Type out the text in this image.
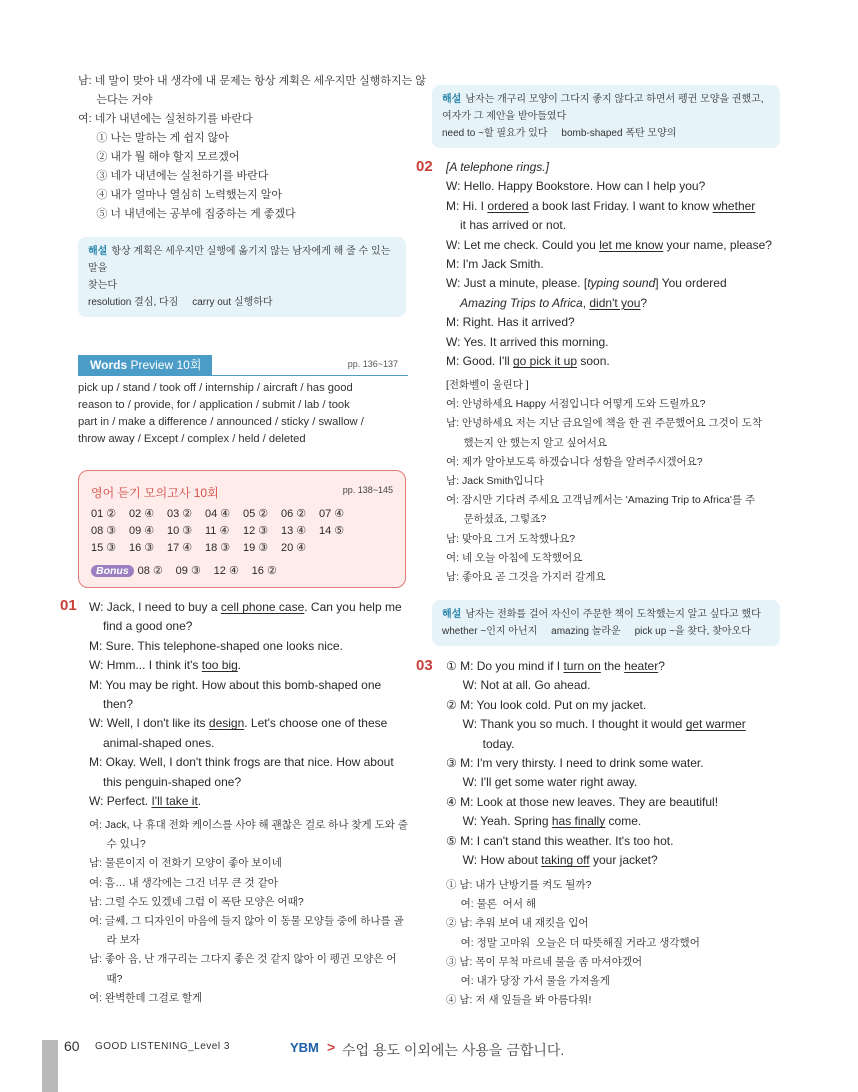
남: 네 말이 맞아 내 생각에 내 문제는 항상 계획은 세우지만 실행하지는 않
는다는 거야
여: 네가 내년에는 실천하기를 바란다
① 나는 말하는 게 쉽지 않아
② 내가 뭘 해야 할지 모르겠어
③ 네가 내년에는 실천하기를 바란다
④ 내가 얼마나 열심히 노력했는지 알아
⑤ 너 내년에는 공부에 집중하는 게 좋겠다
해설 항상 계획은 세우지만 실행에 옮기지 않는 남자에게 해 줄 수 있는 말을
찾는다
resolution 결심, 다짐     carry out 실행하다
Words Preview 10회	pp. 136~137
pick up / stand / took off / internship / aircraft / has good
reason to / provide, for / application / submit / lab / took
part in / make a difference / announced / sticky / swallow /
throw away / Except / complex / held / deleted
영어 듣기 모의고사 10회	pp. 138~145
01 ② 02 ④ 03 ② 04 ④ 05 ② 06 ② 07 ④
08 ③ 09 ④ 10 ③ 11 ④ 12 ③ 13 ④ 14 ⑤
15 ③ 16 ③ 17 ④ 18 ③ 19 ③ 20 ④
Bonus 08 ② 09 ③ 12 ④ 16 ②
01 W: Jack, I need to buy a cell phone case. Can you help me
find a good one?
M: Sure. This telephone-shaped one looks nice.
W: Hmm... I think it's too big.
M: You may be right. How about this bomb-shaped one
then?
W: Well, I don't like its design. Let's choose one of these
animal-shaped ones.
M: Okay. Well, I don't think frogs are that nice. How about
this penguin-shaped one?
W: Perfect. I'll take it.
여: Jack, 나 휴대 전화 케이스를 사야 해 괜찮은 걸로 하나 찾게 도와 줄
수 있니?
남: 물론이지 이 전화기 모양이 좋아 보이네
여: 흠… 내 생각에는 그건 너무 큰 것 같아
남: 그럴 수도 있겠네 그럼 이 폭탄 모양은 어때?
여: 글쎄, 그 디자인이 마음에 들지 않아 이 동물 모양들 중에 하나를 골
라 보자
남: 좋아 음, 난 개구리는 그다지 좋은 것 같지 않아 이 펭귄 모양은 어
때?
여: 완벽한데 그걸로 할게
해설 남자는 개구리 모양이 그다지 좋지 않다고 하면서 펭귄 모양을 권했고,
여자가 그 제안을 받아들였다
need to ~할 필요가 있다     bomb-shaped 폭탄 모양의
02 [A telephone rings.]
W: Hello. Happy Bookstore. How can I help you?
M: Hi. I ordered a book last Friday. I want to know whether
it has arrived or not.
W: Let me check. Could you let me know your name, please?
M: I'm Jack Smith.
W: Just a minute, please. [typing sound] You ordered
Amazing Trips to Africa, didn't you?
M: Right. Has it arrived?
W: Yes. It arrived this morning.
M: Good. I'll go pick it up soon.
[전화벨이 울린다 ]
여: 안녕하세요 Happy 서점입니다 어떻게 도와 드릴까요?
남: 안녕하세요 저는 지난 금요일에 책을 한 권 주문했어요 그것이 도착
했는지 안 했는지 알고 싶어서요
여: 제가 알아보도록 하겠습니다 성함을 알려주시겠어요?
남: Jack Smith입니다
여: 잠시만 기다려 주세요 고객님께서는 'Amazing Trip to Africa'를 주
문하셨죠, 그렇죠?
남: 맞아요 그거 도착했나요?
여: 네 오늘 아침에 도착했어요
남: 좋아요 곧 그것을 가지러 갈게요
해설 남자는 전화를 걸어 자신이 주문한 책이 도착했는지 알고 싶다고 했다
whether ~인지 아닌지     amazing 놀라운     pick up ~을 찾다, 찾아오다
03 ① M: Do you mind if I turn on the heater?
W: Not at all. Go ahead.
② M: You look cold. Put on my jacket.
W: Thank you so much. I thought it would get warmer
today.
③ M: I'm very thirsty. I need to drink some water.
W: I'll get some water right away.
④ M: Look at those new leaves. They are beautiful!
W: Yeah. Spring has finally come.
⑤ M: I can't stand this weather. It's too hot.
W: How about taking off your jacket?
① 남: 내가 난방기를 켜도 될까?
여: 물론  어서 해
② 남: 추워 보여 내 재킷을 입어
여: 정말 고마워  오늘은 더 따뜻해질 거라고 생각했어
③ 남: 목이 무척 마르네 물을 좀 마셔야겠어
여: 내가 당장 가서 물을 가져올게
④ 남: 저 새 잎들을 봐 아름다워!
60 GOOD LISTENING_Level 3	YBM > 수업 용도 이외에는 사용을 금합니다.
